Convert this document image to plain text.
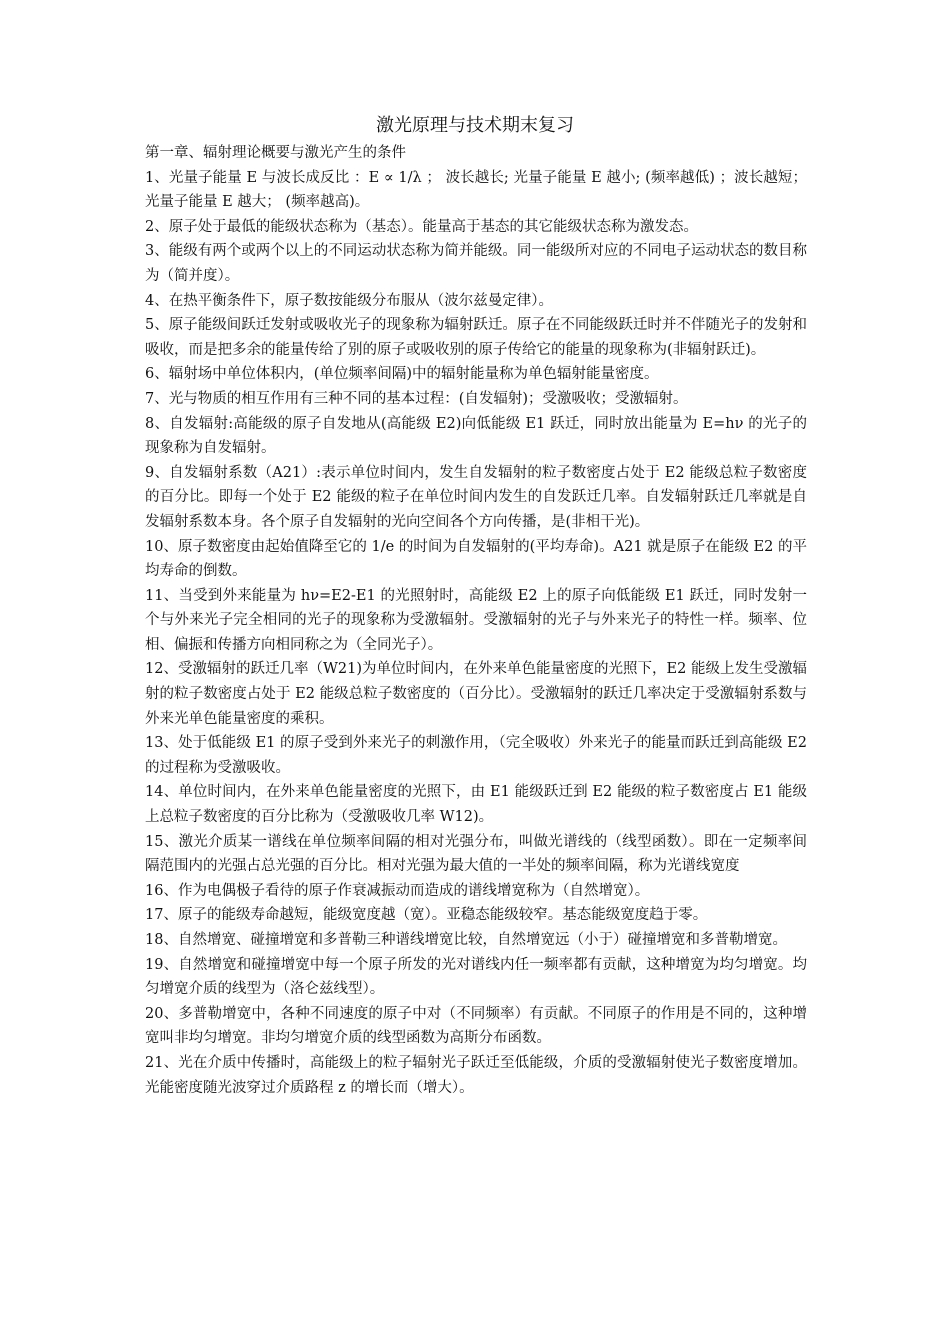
激光原理与技术期末复习

第一章、辐射理论概要与激光产生的条件

1、光量子能量 E 与波长成反比 ：E ∝ 1/λ ； 波长越长; 光量子能量 E 越小; (频率越低) ；波长越短； 光量子能量 E 越大； (频率越高)。

2、原子处于最低的能级状态称为（基态）。能量高于基态的其它能级状态称为激发态。

3、能级有两个或两个以上的不同运动状态称为简并能级。同一能级所对应的不同电子运动状态的数目称为（简并度）。

4、在热平衡条件下，原子数按能级分布服从（波尔兹曼定律）。

5、原子能级间跃迁发射或吸收光子的现象称为辐射跃迁。原子在不同能级跃迁时并不伴随光子的发射和吸收，而是把多余的能量传给了别的原子或吸收别的原子传给它的能量的现象称为(非辐射跃迁)。

6、辐射场中单位体积内，(单位频率间隔)中的辐射能量称为单色辐射能量密度。

7、光与物质的相互作用有三种不同的基本过程：(自发辐射)；受激吸收；受激辐射。

8、自发辐射:高能级的原子自发地从(高能级 E2)向低能级 E1 跃迁，同时放出能量为 E=hν 的光子的现象称为自发辐射。

9、自发辐射系数（A21）:表示单位时间内，发生自发辐射的粒子数密度占处于 E2 能级总粒子数密度的百分比。即每一个处于 E2 能级的粒子在单位时间内发生的自发跃迁几率。自发辐射跃迁几率就是自发辐射系数本身。各个原子自发辐射的光向空间各个方向传播，是(非相干光)。

10、原子数密度由起始值降至它的 1/e 的时间为自发辐射的(平均寿命)。A21 就是原子在能级 E2 的平均寿命的倒数。

11、当受到外来能量为 hν=E2-E1 的光照射时，高能级 E2 上的原子向低能级 E1 跃迁，同时发射一个与外来光子完全相同的光子的现象称为受激辐射。受激辐射的光子与外来光子的特性一样。频率、位相、偏振和传播方向相同称之为（全同光子）。

12、受激辐射的跃迁几率（W21)为单位时间内，在外来单色能量密度的光照下，E2 能级上发生受激辐射的粒子数密度占处于 E2 能级总粒子数密度的（百分比）。受激辐射的跃迁几率决定于受激辐射系数与外来光单色能量密度的乘积。

13、处于低能级 E1 的原子受到外来光子的刺激作用，（完全吸收）外来光子的能量而跃迁到高能级 E2 的过程称为受激吸收。

14、单位时间内，在外来单色能量密度的光照下，由 E1 能级跃迁到 E2 能级的粒子数密度占 E1 能级上总粒子数密度的百分比称为（受激吸收几率 W12)。

15、激光介质某一谱线在单位频率间隔的相对光强分布，叫做光谱线的（线型函数）。即在一定频率间隔范围内的光强占总光强的百分比。相对光强为最大值的一半处的频率间隔，称为光谱线宽度

16、作为电偶极子看待的原子作衰减振动而造成的谱线增宽称为（自然增宽）。

17、原子的能级寿命越短，能级宽度越（宽）。亚稳态能级较窄。基态能级宽度趋于零。

18、自然增宽、碰撞增宽和多普勒三种谱线增宽比较，自然增宽远（小于）碰撞增宽和多普勒增宽。

19、自然增宽和碰撞增宽中每一个原子所发的光对谱线内任一频率都有贡献，这种增宽为均匀增宽。均匀增宽介质的线型为（洛仑兹线型）。

20、多普勒增宽中，各种不同速度的原子中对（不同频率）有贡献。不同原子的作用是不同的，这种增宽叫非均匀增宽。非均匀增宽介质的线型函数为高斯分布函数。

21、光在介质中传播时，高能级上的粒子辐射光子跃迁至低能级，介质的受激辐射使光子数密度增加。光能密度随光波穿过介质路程 z 的增长而（增大）。
